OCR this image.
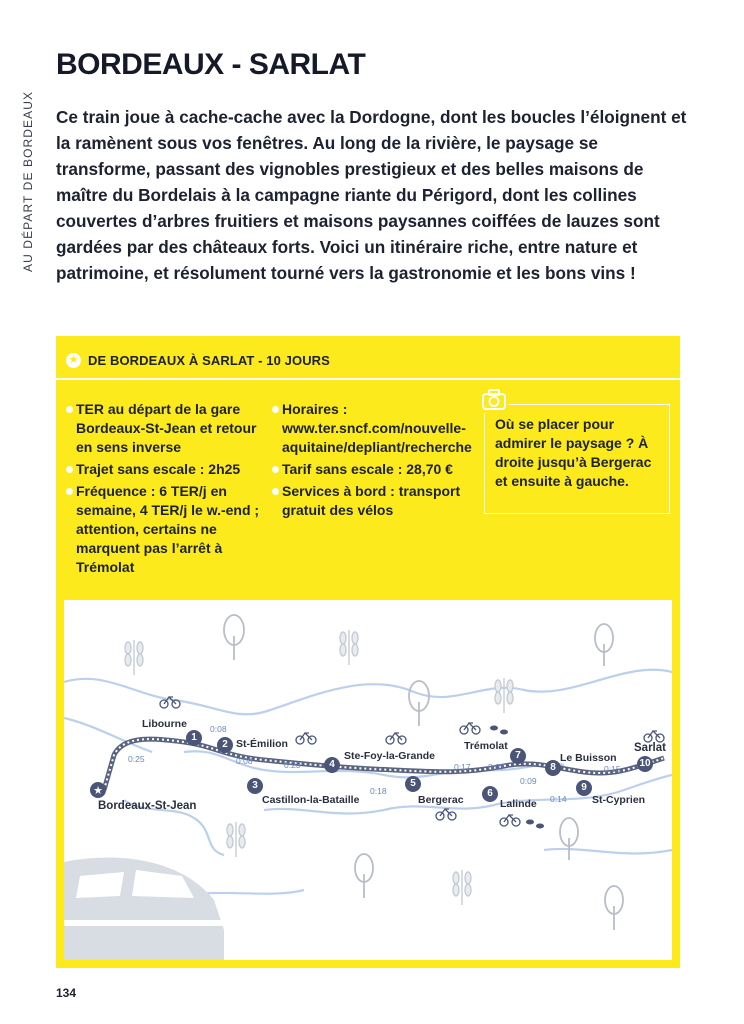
AU DÉPART DE BORDEAUX
BORDEAUX - SARLAT

Ce train joue à cache-cache avec la Dordogne, dont les boucles l’éloignent et la ramènent sous vos fenêtres. Au long de la rivière, le paysage se transforme, passant des vignobles prestigieux et des belles maisons de maître du Bordelais à la campagne riante du Périgord, dont les collines couvertes d’arbres fruitiers et maisons paysannes coiffées de lauzes sont gardées par des châteaux forts. Voici un itinéraire riche, entre nature et patrimoine, et résolument tourné vers la gastronomie et les bons vins !

★ DE BORDEAUX À SARLAT - 10 JOURS
TER au départ de la gare Bordeaux-St-Jean et retour en sens inverse
Trajet sans escale : 2h25
Fréquence : 6 TER/j en semaine, 4 TER/j le w.-end ; attention, certains ne marquent pas l’arrêt à Trémolat
Horaires : www.ter.sncf.com/nouvelle-aquitaine/depliant/recherche
Tarif sans escale : 28,70 €
Services à bord : transport gratuit des vélos
Où se placer pour admirer le paysage ? À droite jusqu’à Bergerac et ensuite à gauche.
★
1
2
3
4
5
6
7
8
9
10
Bordeaux-St-Jean
Libourne
St-Émilion
Castillon-la-Bataille
Ste-Foy-la-Grande
Bergerac	Lalinde
Trémolat
Le Buisson
St-Cyprien
Sarlat
0:25
0:08
0:08	0:23
0:18
0:17 0:07
0:09
0:14
0:15
134
